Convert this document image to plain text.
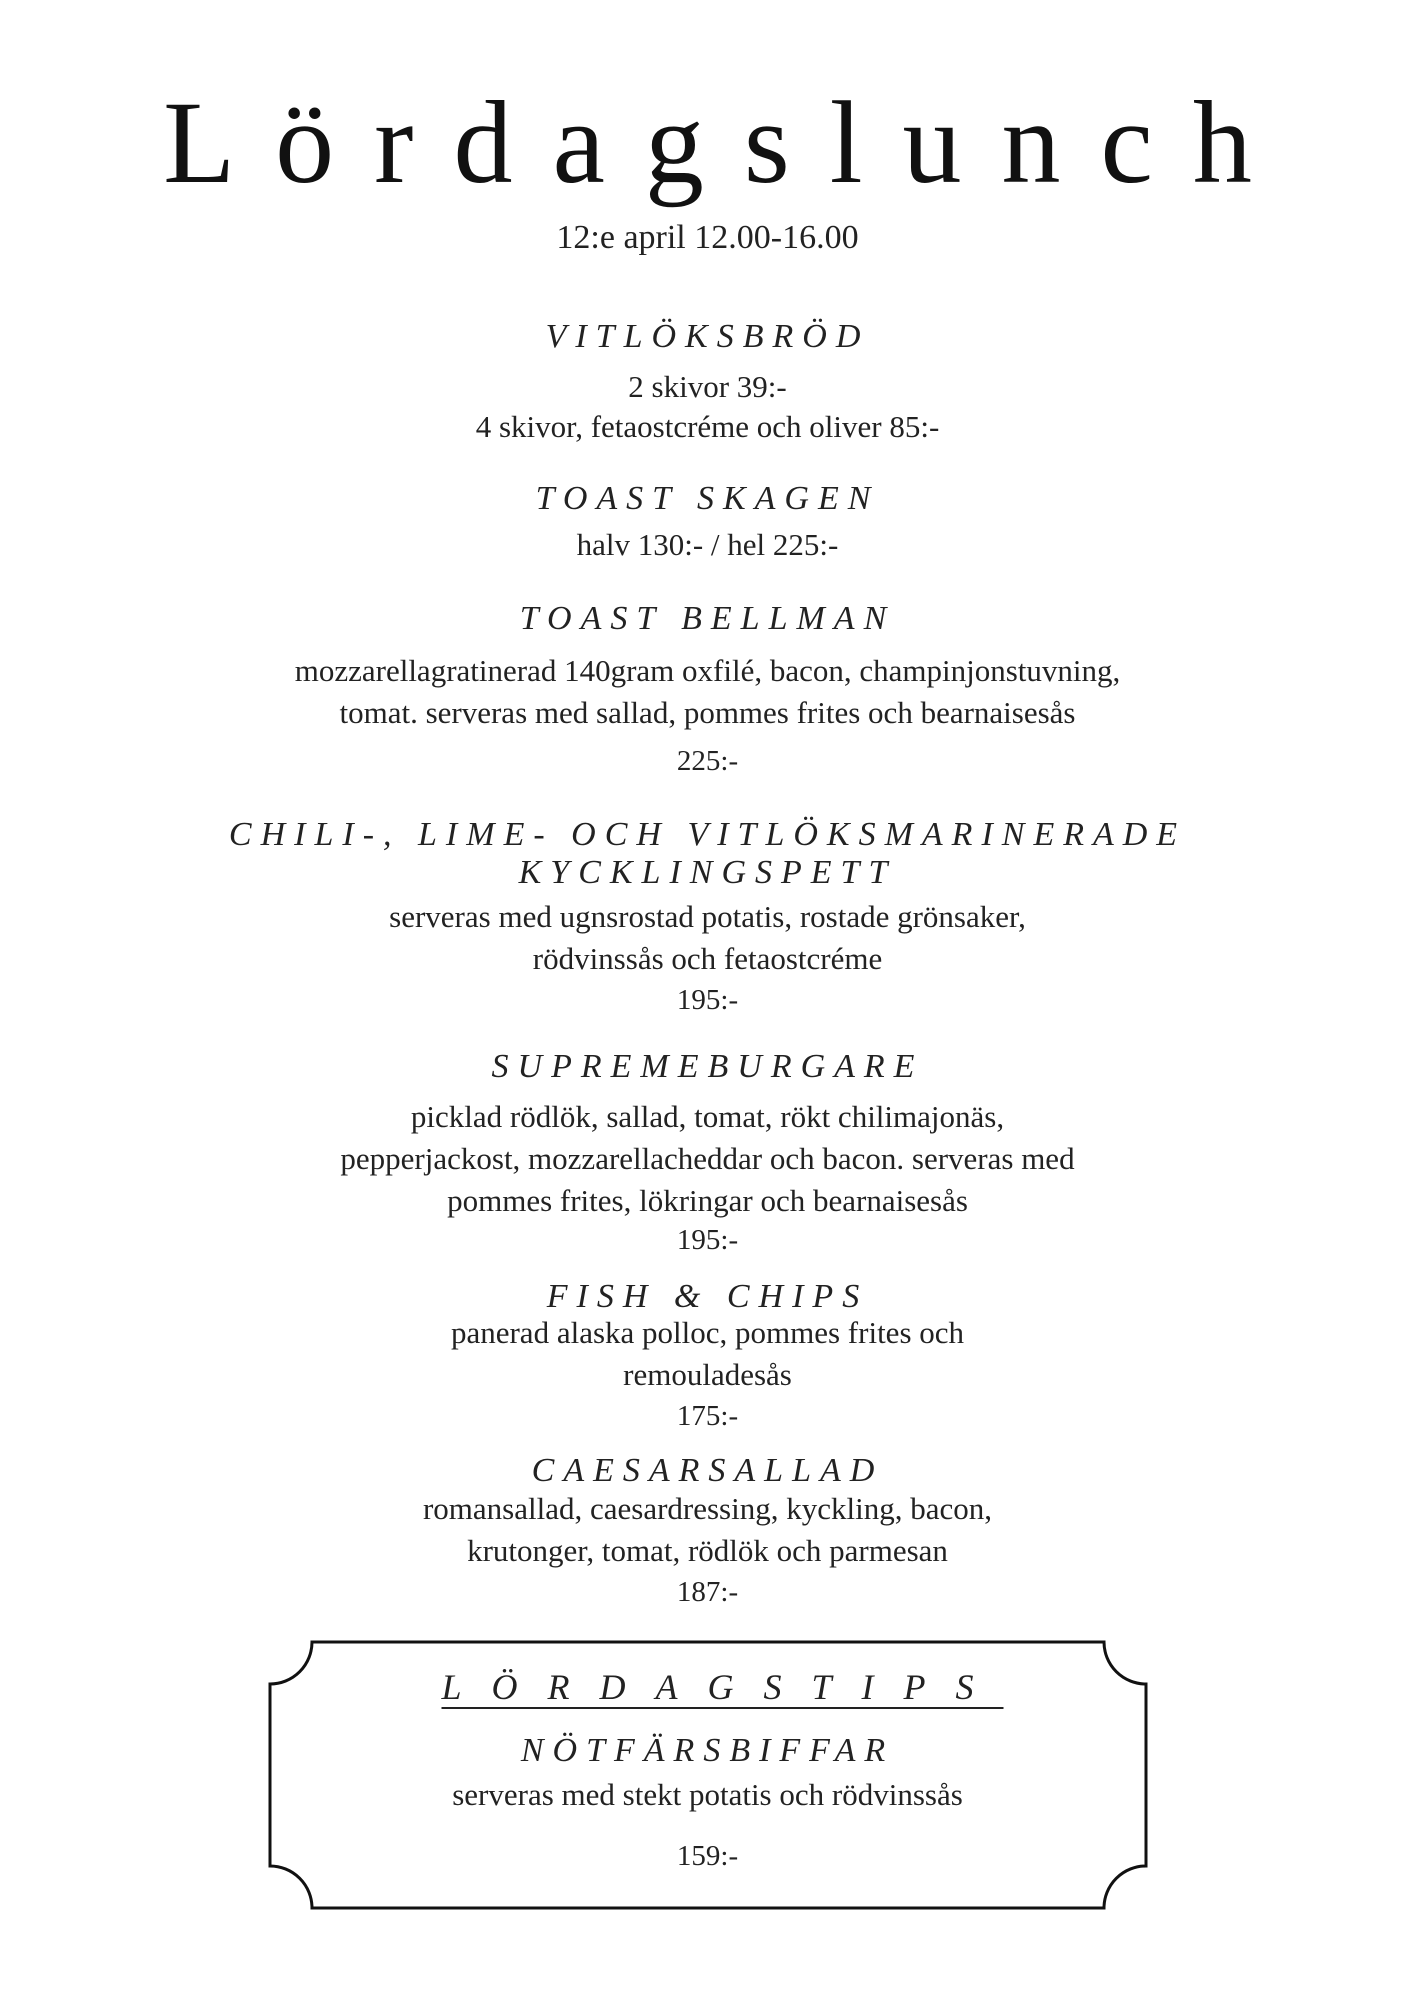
Lördagslunch
12:e april 12.00-16.00
VITLÖKSBRÖD
2 skivor 39:-
4 skivor, fetaostcréme och oliver 85:-
TOAST SKAGEN
halv 130:- / hel 225:-
TOAST BELLMAN
mozzarellagratinerad 140gram oxfilé, bacon, champinjonstuvning,
tomat. serveras med sallad, pommes frites och bearnaisesås
225:-
CHILI-, LIME- OCH VITLÖKSMARINERADE
KYCKLINGSPETT
serveras med ugnsrostad potatis, rostade grönsaker,
rödvinssås och fetaostcréme
195:-
SUPREMEBURGARE
picklad rödlök, sallad, tomat, rökt chilimajonäs,
pepperjackost, mozzarellacheddar och bacon. serveras med
pommes frites, lökringar och bearnaisesås
195:-
FISH & CHIPS
panerad alaska polloc, pommes frites och
remouladesås
175:-
CAESARSALLAD
romansallad, caesardressing, kyckling, bacon,
krutonger, tomat, rödlök och parmesan
187:-
LÖRDAGSTIPS
NÖTFÄRSBIFFAR
serveras med stekt potatis och rödvinssås
159:-
